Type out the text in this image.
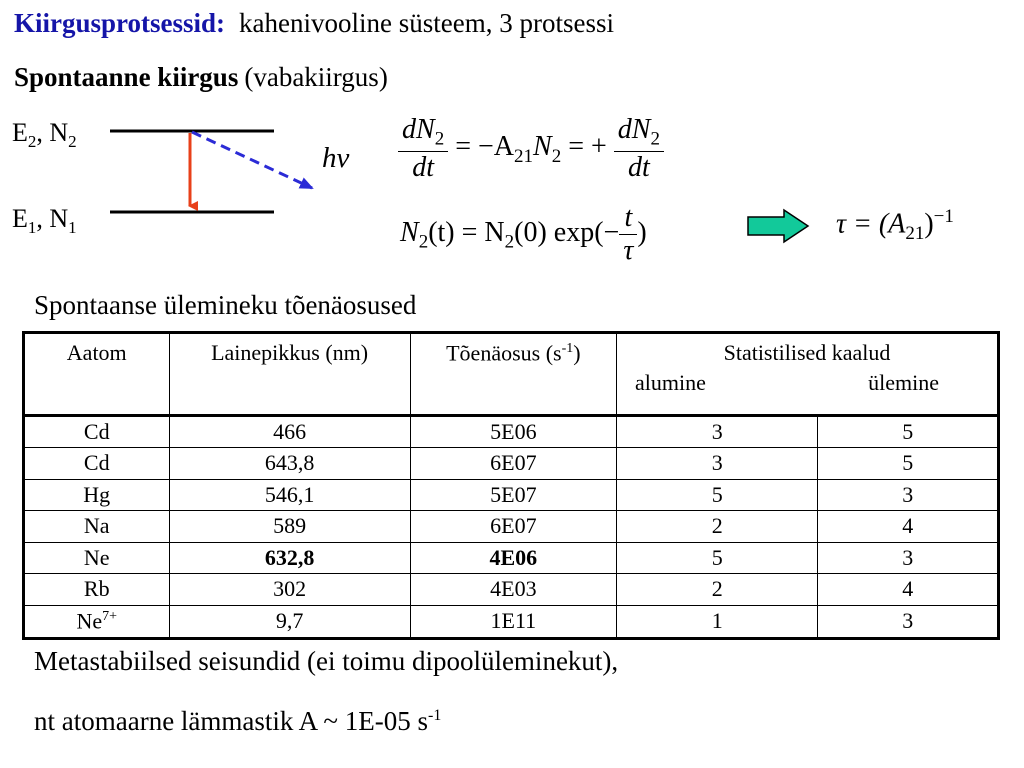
Kiirgusprotsessid: kahenivooline süsteem, 3 protsessi
Spontaanne kiirgus (vabakiirgus)
$E_2$, $N_2$
$E_1$, $N_1$
hν $\frac{dN_2}{dt} = -A_{21}N_2$ = + $\frac{dN_2}{dt}$
$N_2(t) = N_2(0)$ $\exp(- \frac{t}{\tau}$ )	$\tau = (A_{21})^{-1}$
Spontaanse ülemineku tõenäosused
Aatom	Lainepikkus (nm)	Tõenäosus $(s^{-1})$	Statistilised kaalud
alumine ülemine	

Cd	466	5E06	3	5
Cd	643,8	6E07	3	5
Hg	546,1	5E07	5	3
Na	589	6E07	2	4
Ne	632,8	4E06	5	3
Rb	302	4E03	2	4
$Ne^{7+}$	9,7	1E11	1	3
Metastabiilsed seisundid (ei toimu dipoolüleminekut),
nt atomaarne lämmastik A ~ 1E-05 $s^{-1}$
